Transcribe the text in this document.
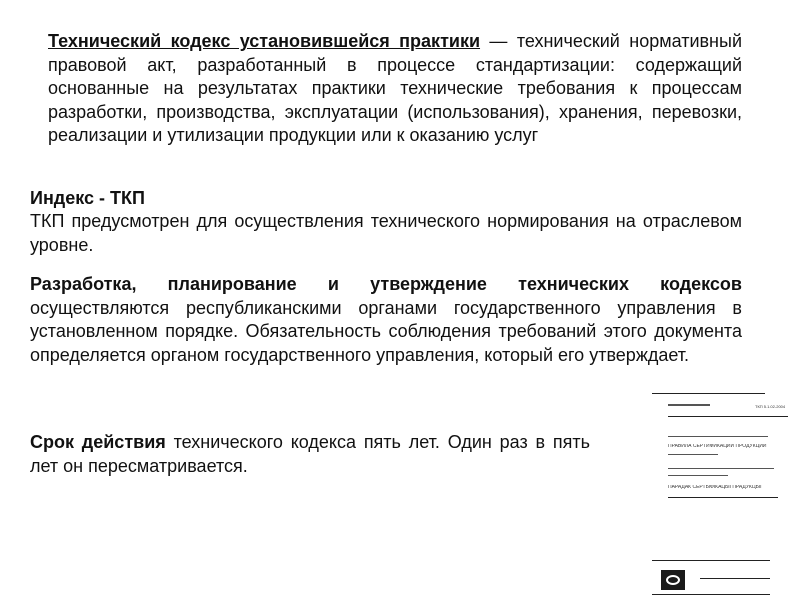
Технический кодекс установившейся практики — технический нормативный правовой акт, разработанный в процессе стандартизации: содержащий основанные на результатах практики технические требования к процессам разработки, производства, эксплуатации (использования), хранения, перевозки, реализации и утилизации продукции или к оказанию услуг

Индекс - ТКП

ТКП предусмотрен для осуществления технического нормирования на отраслевом уровне.

Разработка, планирование и утверждение технических кодексов осуществляются республиканскими органами государственного управления в установленном порядке. Обязательность соблюдения требований этого документа определяется органом государственного управления, который его утверждает.

Срок действия технического кодекса пять лет. Один раз в пять лет он пересматривается.

ТКП 5.1.02-2004
ПРАВИЛА СЕРТИФИКАЦИИ ПРОДУКЦИИ
ПАРАДАК СЕРТЫФІКАЦЫІ ПРАДУКЦЫІ
